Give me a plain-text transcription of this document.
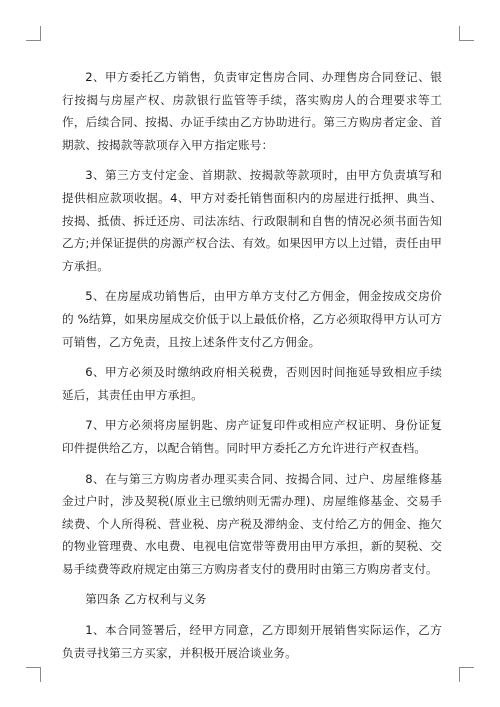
2、甲方委托乙方销售，负责审定售房合同、办理售房合同登记、银行按揭与房屋产权、房款银行监管等手续，落实购房人的合理要求等工作，后续合同、按揭、办证手续由乙方协助进行。第三方购房者定金、首期款、按揭款等款项存入甲方指定账号：

3、第三方支付定金、首期款、按揭款等款项时，由甲方负责填写和提供相应款项收据。4、甲方对委托销售面积内的房屋进行抵押、典当、按揭、抵债、拆迁还房、司法冻结、行政限制和自售的情况必须书面告知乙方;并保证提供的房源产权合法、有效。如果因甲方以上过错，责任由甲方承担。

5、在房屋成功销售后，由甲方单方支付乙方佣金，佣金按成交房价的 %结算，如果房屋成交价低于以上最低价格，乙方必须取得甲方认可方可销售，乙方免责，且按上述条件支付乙方佣金。

6、甲方必须及时缴纳政府相关税费，否则因时间拖延导致相应手续延后，其责任由甲方承担。

7、甲方必须将房屋钥匙、房产证复印件或相应产权证明、身份证复印件提供给乙方，以配合销售。同时甲方委托乙方允许进行产权查档。

8、在与第三方购房者办理买卖合同、按揭合同、过户、房屋维修基金过户时，涉及契税(原业主已缴纳则无需办理)、房屋维修基金、交易手续费、个人所得税、营业税、房产税及滞纳金、支付给乙方的佣金、拖欠的物业管理费、水电费、电视电信宽带等费用由甲方承担，新的契税、交易手续费等政府规定由第三方购房者支付的费用时由第三方购房者支付。

第四条 乙方权利与义务

1、本合同签署后，经甲方同意，乙方即刻开展销售实际运作，乙方负责寻找第三方买家，并积极开展洽谈业务。
